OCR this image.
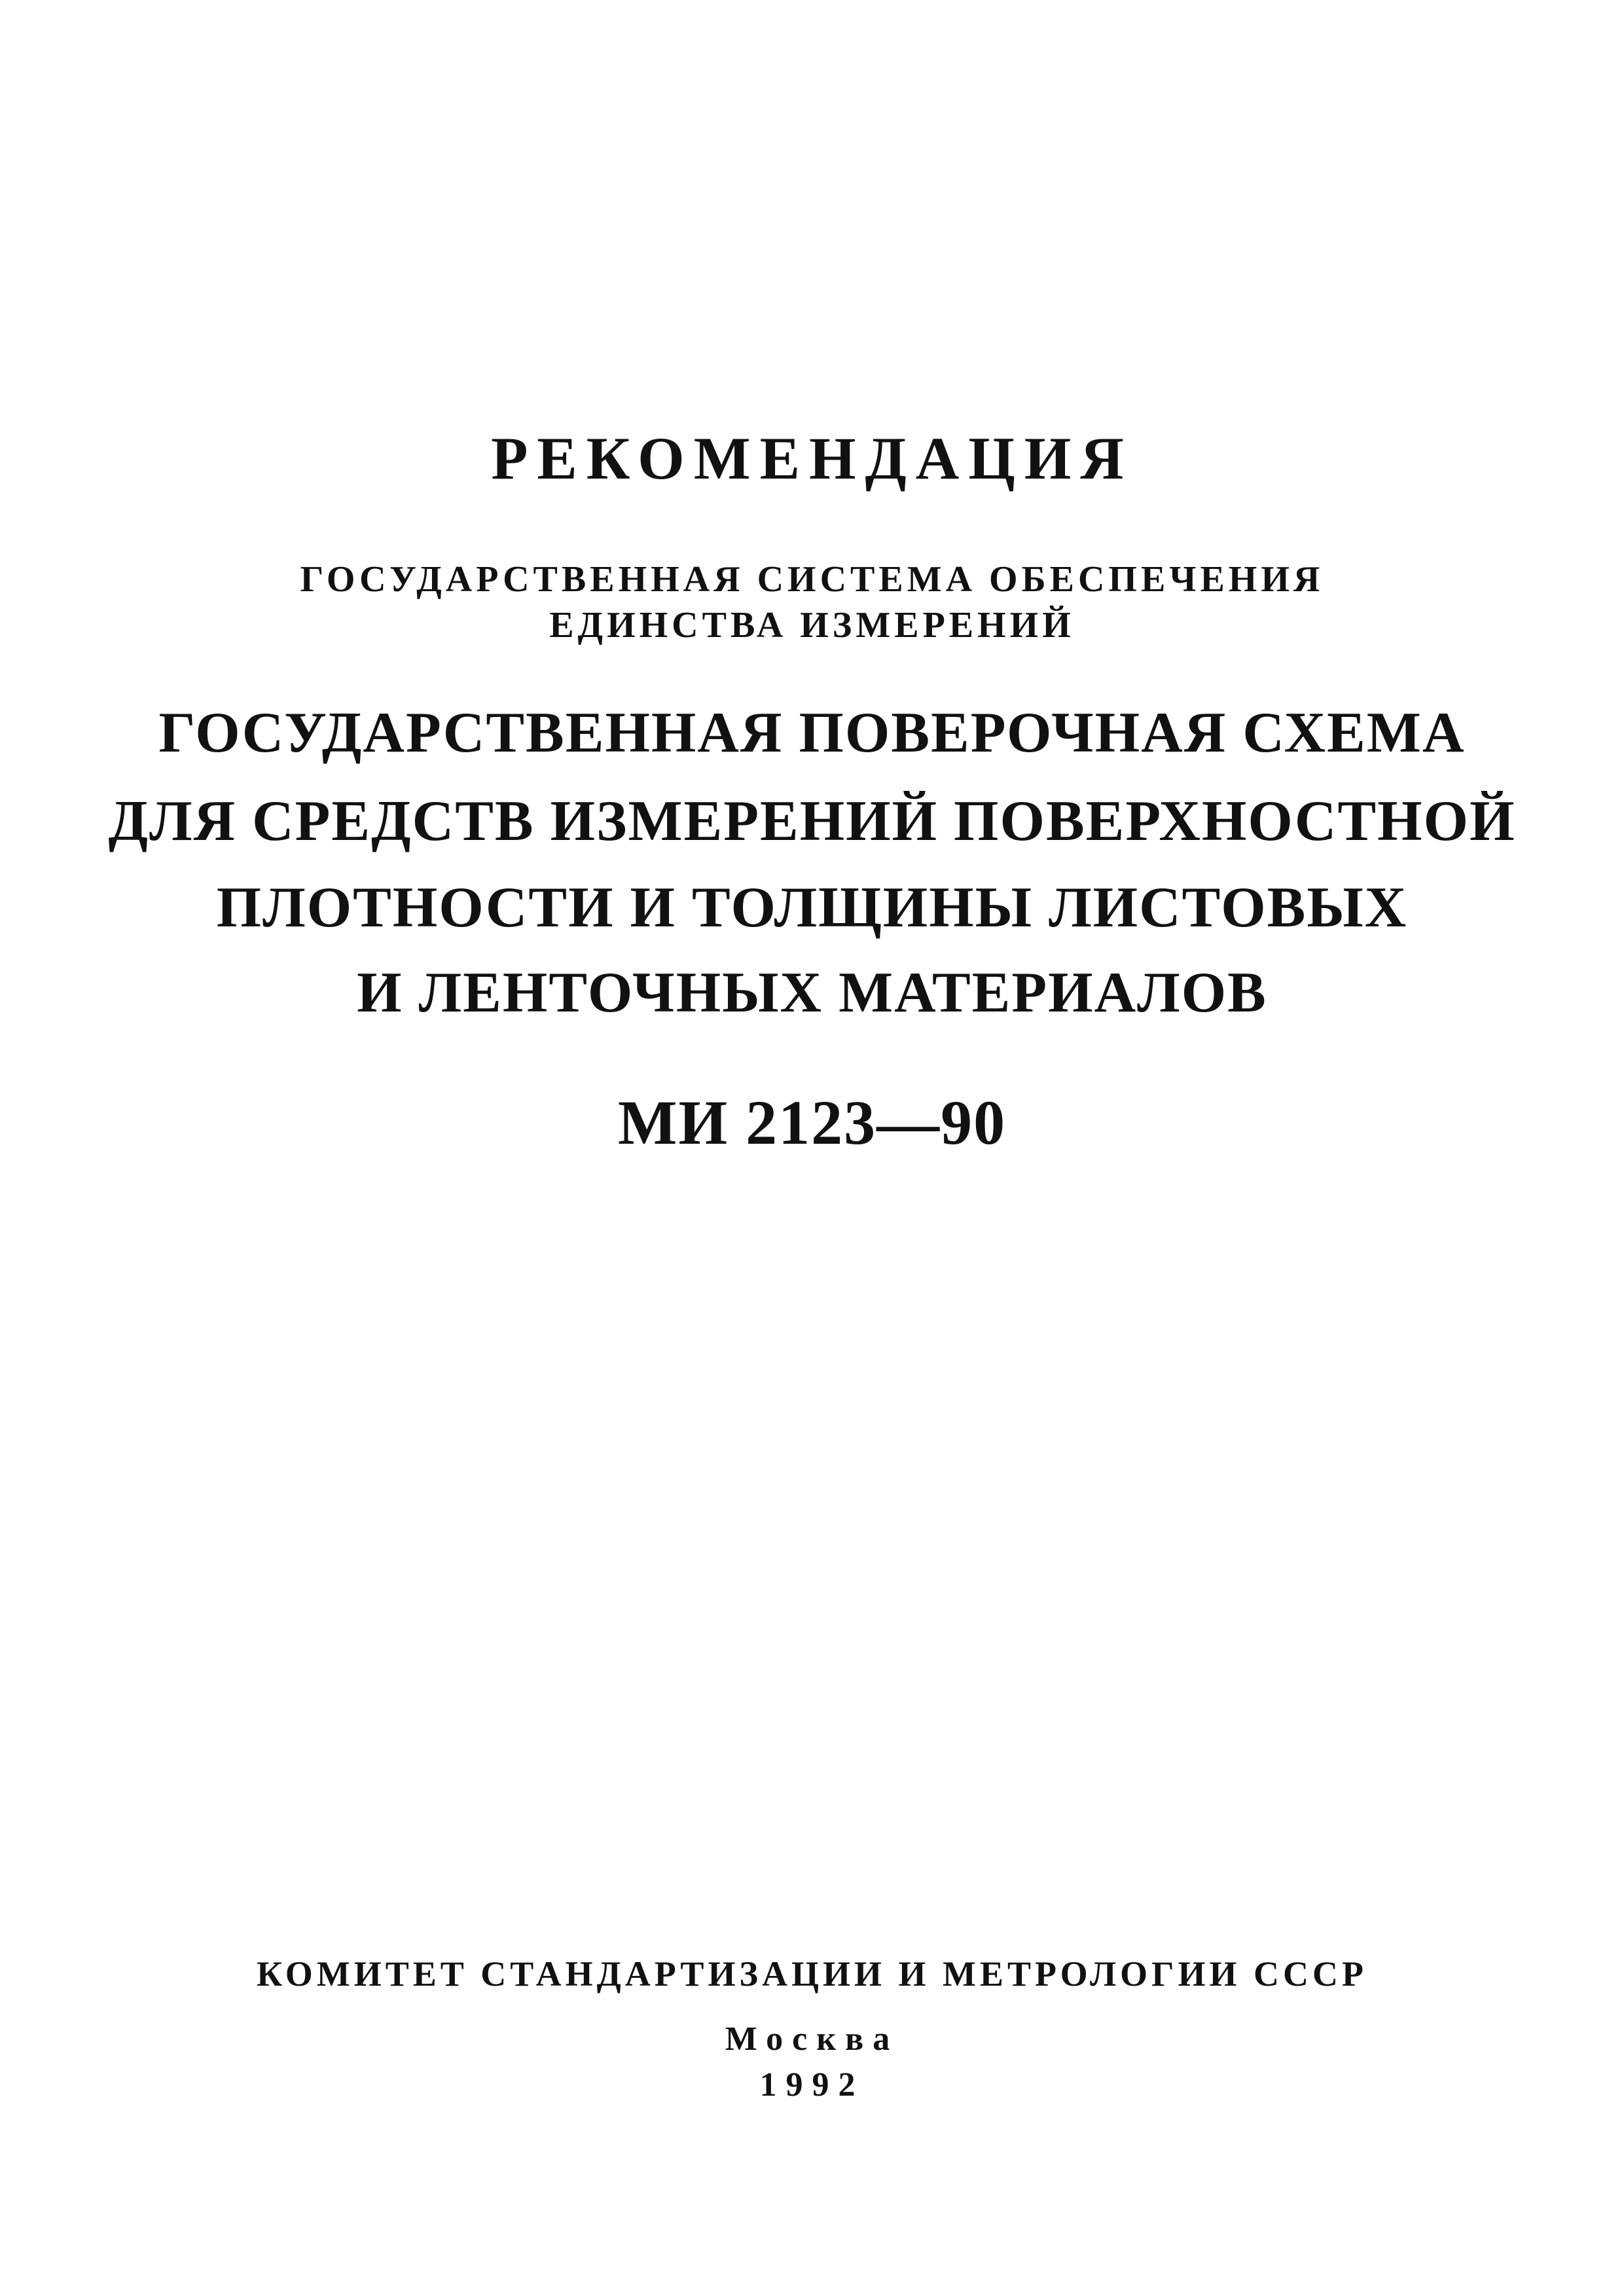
РЕКОМЕНДАЦИЯ
ГОСУДАРСТВЕННАЯ СИСТЕМА ОБЕСПЕЧЕНИЯ
ЕДИНСТВА ИЗМЕРЕНИЙ
ГОСУДАРСТВЕННАЯ ПОВЕРОЧНАЯ СХЕМА
ДЛЯ СРЕДСТВ ИЗМЕРЕНИЙ ПОВЕРХНОСТНОЙ
ПЛОТНОСТИ И ТОЛЩИНЫ ЛИСТОВЫХ
И ЛЕНТОЧНЫХ МАТЕРИАЛОВ
МИ 2123—90
КОМИТЕТ СТАНДАРТИЗАЦИИ И МЕТРОЛОГИИ СССР
Москва
1992
